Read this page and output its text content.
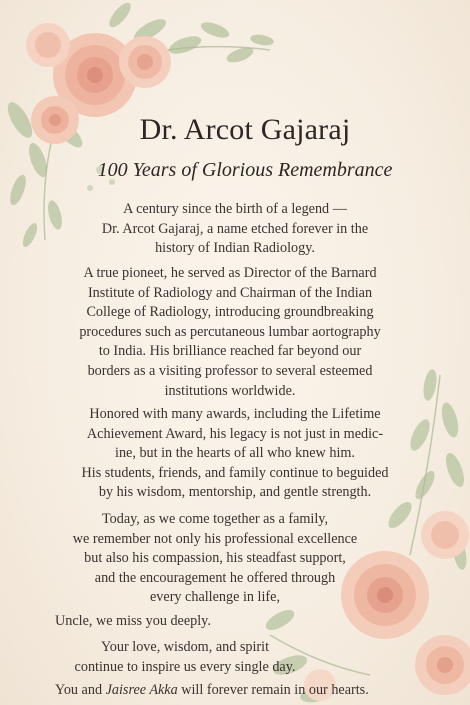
Dr. Arcot Gajaraj
100 Years of Glorious Remembrance
A century since the birth of a legend —
Dr. Arcot Gajaraj, a name etched forever in the
history of Indian Radiology.
A true pioneet, he served as Director of the Barnard
Institute of Radiology and Chairman of the Indian
College of Radiology, introducing groundbreaking
procedures such as percutaneous lumbar aortography
to India. His brilliance reached far beyond our
borders as a visiting professor to several esteemed
institutions worldwide.
Honored with many awards, including the Lifetime
Achievement Award, his legacy is not just in medic-
ine, but in the hearts of all who knew him.
His students, friends, and family continue to beguided
by his wisdom, mentorship, and gentle strength.
Today, as we come together as a family,
we remember not only his professional excellence
but also his compassion, his steadfast support,
and the encouragement he offered through
every challenge in life,
Uncle, we miss you deeply.
Your love, wisdom, and spirit
continue to inspire us every single day.
You and Jaisree Akka will forever remain in our hearts.
